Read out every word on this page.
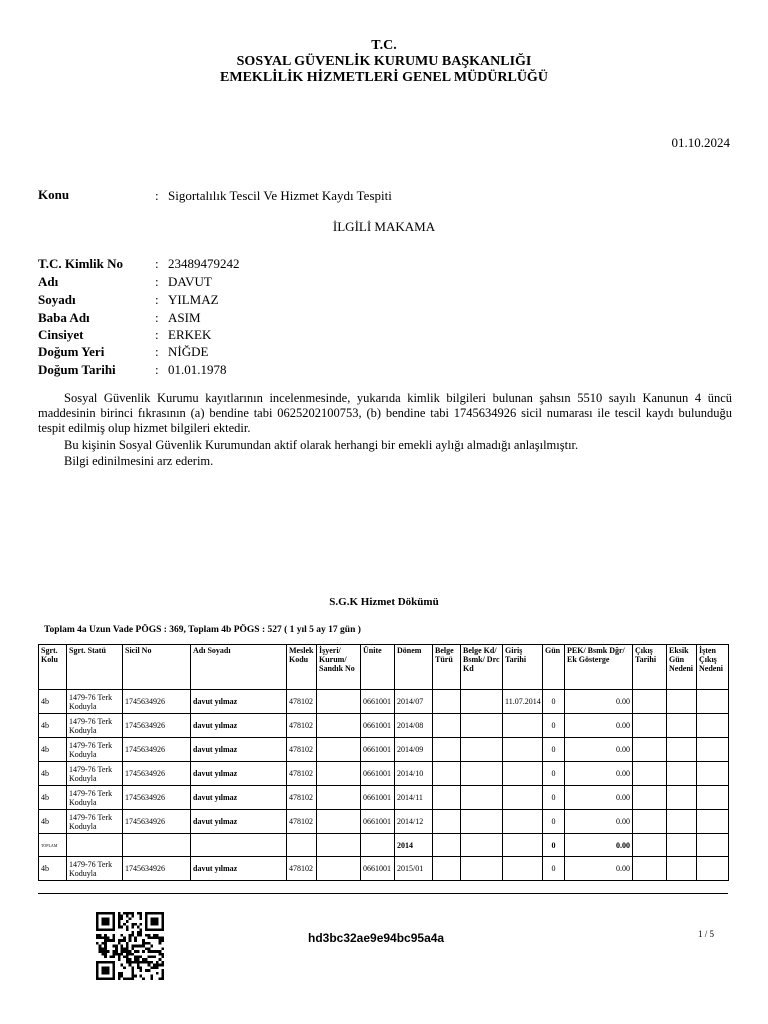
T.C.
SOSYAL GÜVENLİK KURUMU BAŞKANLIĞI
EMEKLİLİK HİZMETLERİ GENEL MÜDÜRLÜĞÜ
01.10.2024
Konu	: Sigortalılık Tescil Ve Hizmet Kaydı Tespiti
İLGİLİ MAKAMA
T.C. Kimlik No : 23489479242
Adı	: DAVUT
Soyadı	: YILMAZ
Baba Adı	: ASIM
Cinsiyet	: ERKEK
Doğum Yeri	: NİĞDE
Doğum Tarihi	: 01.01.1978
Sosyal Güvenlik Kurumu kayıtlarının incelenmesinde, yukarıda kimlik bilgileri bulunan şahsın 5510 sayılı Kanunun 4 üncü maddesinin birinci fıkrasının (a) bendine tabi 0625202100753, (b) bendine tabi 1745634926 sicil numarası ile tescil kaydı bulunduğu tespit edilmiş olup hizmet bilgileri ektedir.
Bu kişinin Sosyal Güvenlik Kurumundan aktif olarak herhangi bir emekli aylığı almadığı anlaşılmıştır.
Bilgi edinilmesini arz ederim.
S.G.K Hizmet Dökümü
Toplam 4a Uzun Vade PÖGS : 369, Toplam 4b PÖGS : 527 ( 1 yıl 5 ay 17 gün )
Sgrt. Kolu	Sgrt. Statü	Sicil No	Adı Soyadı	Meslek Kodu	İşyeri/ Kurum/ Sandık No	Ünite	Dönem	Belge Türü	Belge Kd/ Bsmk/ Drc Kd	Giriş Tarihi	Gün	PEK/ Bsmk Dğr/ Ek Gösterge	Çıkış Tarihi	Eksik Gün Nedeni	İşten Çıkış Nedeni
4b	1479-76 Terk Koduyla	1745634926	davut yılmaz	478102		0661001	2014/07			11.07.2014	0	0.00			
4b	1479-76 Terk Koduyla	1745634926	davut yılmaz	478102		0661001	2014/08				0	0.00			
4b	1479-76 Terk Koduyla	1745634926	davut yılmaz	478102		0661001	2014/09				0	0.00			
4b	1479-76 Terk Koduyla	1745634926	davut yılmaz	478102		0661001	2014/10				0	0.00			
4b	1479-76 Terk Koduyla	1745634926	davut yılmaz	478102		0661001	2014/11				0	0.00			
4b	1479-76 Terk Koduyla	1745634926	davut yılmaz	478102		0661001	2014/12				0	0.00			
TOPLAM							2014				0	0.00			
4b	1479-76 Terk Koduyla	1745634926	davut yılmaz	478102		0661001	2015/01				0	0.00			
hd3bc32ae9e94bc95a4a	1 / 5
